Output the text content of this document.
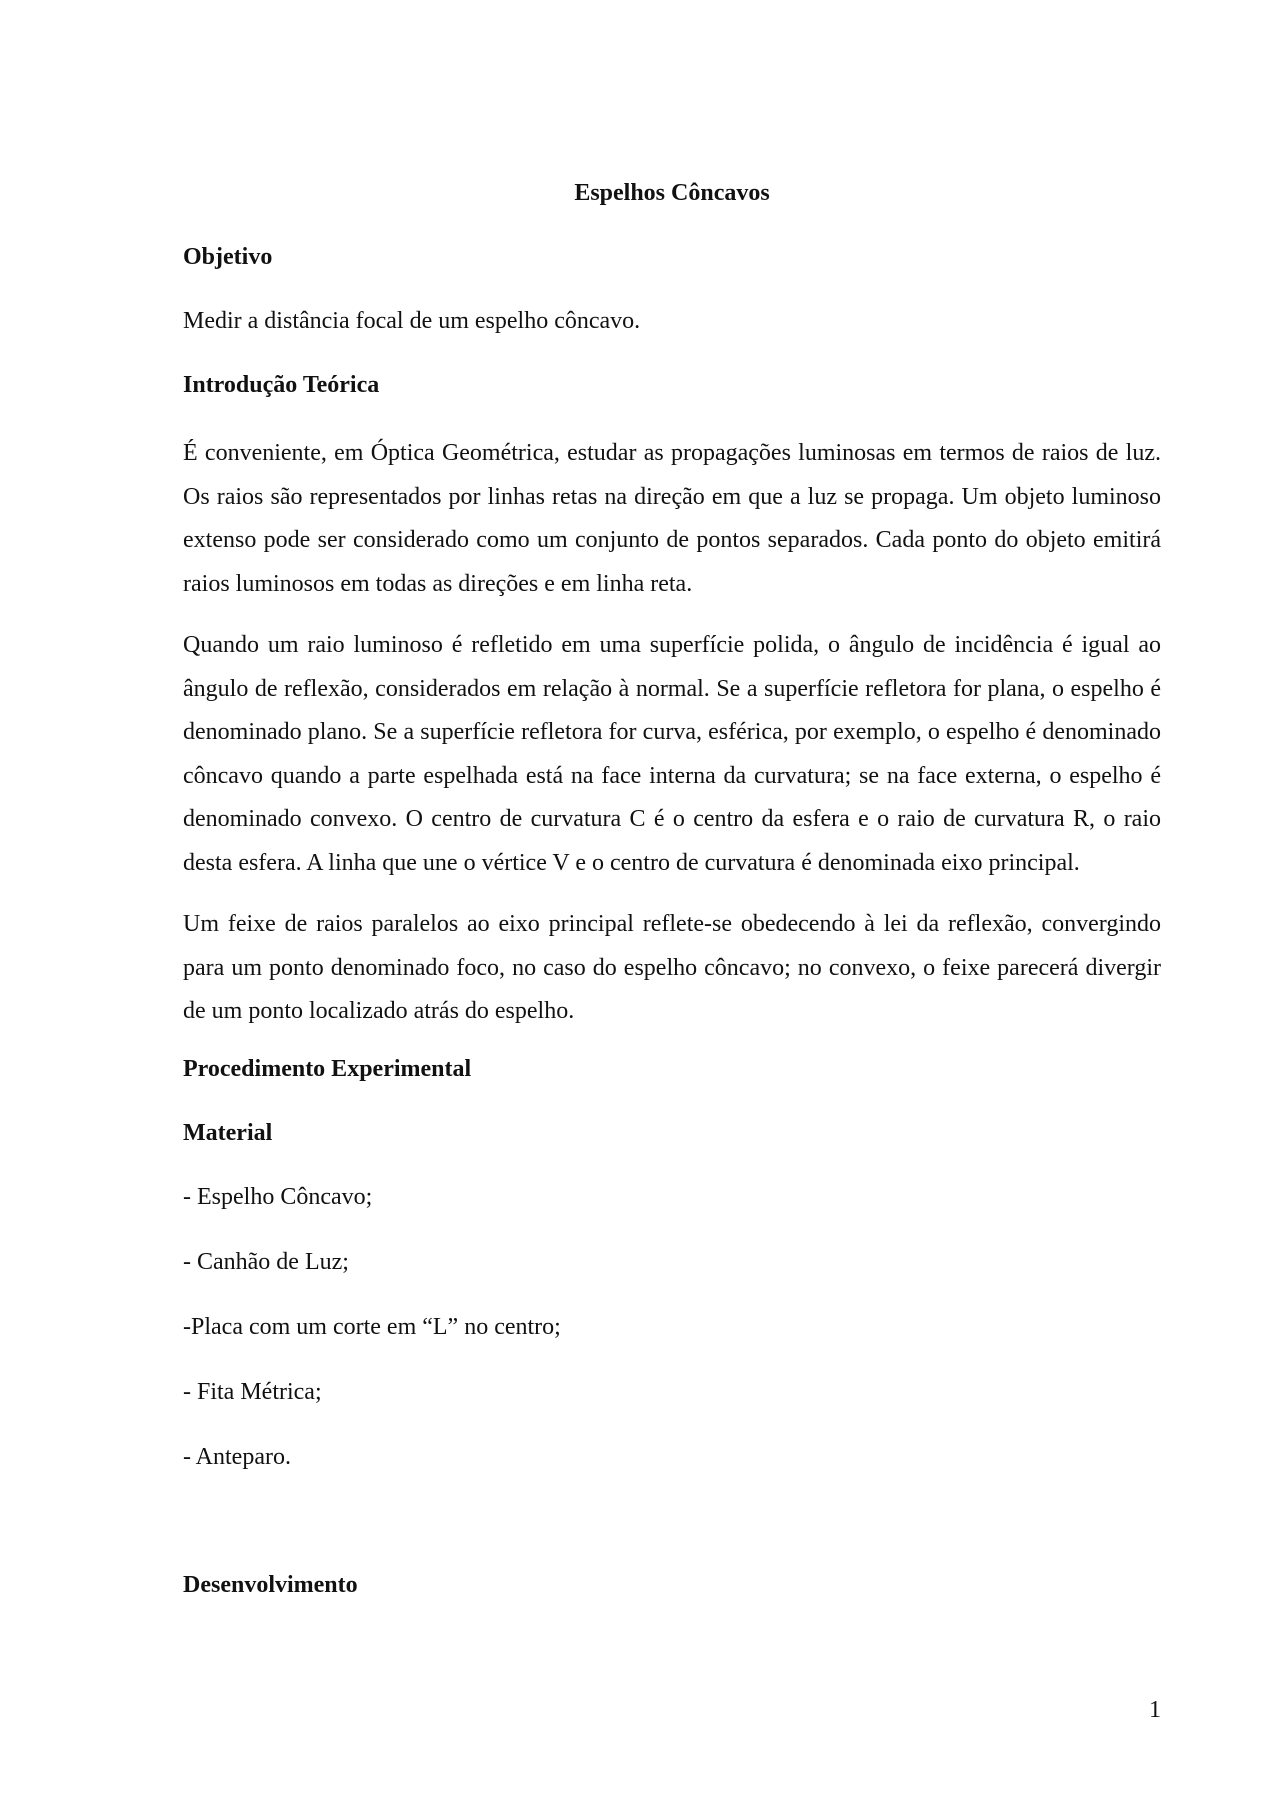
Espelhos Côncavos
Objetivo
Medir a distância focal de um espelho côncavo.
Introdução Teórica
É conveniente, em Óptica Geométrica, estudar as propagações luminosas em termos de raios de luz. Os raios são representados por linhas retas na direção em que a luz se propaga. Um objeto luminoso extenso pode ser considerado como um conjunto de pontos separados. Cada ponto do objeto emitirá raios luminosos em todas as direções e em linha reta.
Quando um raio luminoso é refletido em uma superfície polida, o ângulo de incidência é igual ao ângulo de reflexão, considerados em relação à normal. Se a superfície refletora for plana, o espelho é denominado plano. Se a superfície refletora for curva, esférica, por exemplo, o espelho é denominado côncavo quando a parte espelhada está na face interna da curvatura; se na face externa, o espelho é denominado convexo. O centro de curvatura C é o centro da esfera e o raio de curvatura R, o raio desta esfera. A linha que une o vértice V e o centro de curvatura é denominada eixo principal.
Um feixe de raios paralelos ao eixo principal reflete-se obedecendo à lei da reflexão, convergindo para um ponto denominado foco, no caso do espelho côncavo; no convexo, o feixe parecerá divergir de um ponto localizado atrás do espelho.
Procedimento Experimental
Material
- Espelho Côncavo;
- Canhão de Luz;
-Placa com um corte em “L” no centro;
- Fita Métrica;
- Anteparo.
Desenvolvimento
1
